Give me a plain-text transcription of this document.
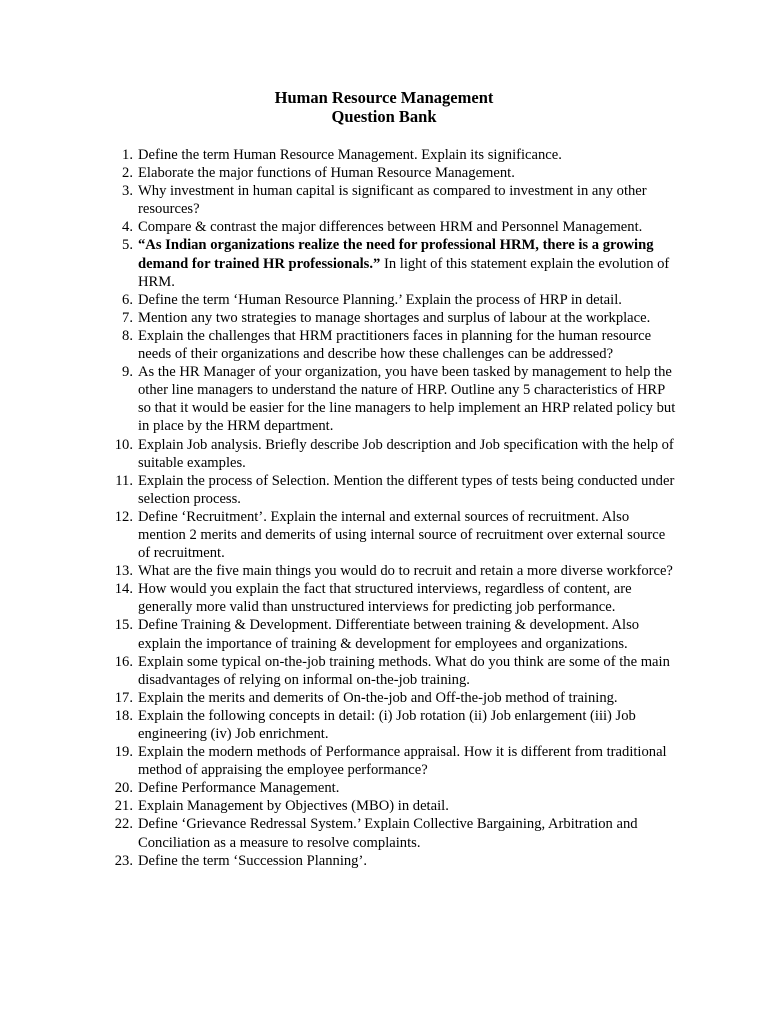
Human Resource Management
Question Bank
1. Define the term Human Resource Management. Explain its significance.
2. Elaborate the major functions of Human Resource Management.
3. Why investment in human capital is significant as compared to investment in any other resources?
4. Compare & contrast the major differences between HRM and Personnel Management.
5. “As Indian organizations realize the need for professional HRM, there is a growing demand for trained HR professionals.” In light of this statement explain the evolution of HRM.
6. Define the term ‘Human Resource Planning.’ Explain the process of HRP in detail.
7. Mention any two strategies to manage shortages and surplus of labour at the workplace.
8. Explain the challenges that HRM practitioners faces in planning for the human resource needs of their organizations and describe how these challenges can be addressed?
9. As the HR Manager of your organization, you have been tasked by management to help the other line managers to understand the nature of HRP. Outline any 5 characteristics of HRP so that it would be easier for the line managers to help implement an HRP related policy but in place by the HRM department.
10. Explain Job analysis. Briefly describe Job description and Job specification with the help of suitable examples.
11. Explain the process of Selection. Mention the different types of tests being conducted under selection process.
12. Define ‘Recruitment’. Explain the internal and external sources of recruitment. Also mention 2 merits and demerits of using internal source of recruitment over external source of recruitment.
13. What are the five main things you would do to recruit and retain a more diverse workforce?
14. How would you explain the fact that structured interviews, regardless of content, are generally more valid than unstructured interviews for predicting job performance.
15. Define Training & Development. Differentiate between training & development. Also explain the importance of training & development for employees and organizations.
16. Explain some typical on-the-job training methods. What do you think are some of the main disadvantages of relying on informal on-the-job training.
17. Explain the merits and demerits of On-the-job and Off-the-job method of training.
18. Explain the following concepts in detail: (i) Job rotation (ii) Job enlargement (iii) Job engineering (iv) Job enrichment.
19. Explain the modern methods of Performance appraisal. How it is different from traditional method of appraising the employee performance?
20. Define Performance Management.
21. Explain Management by Objectives (MBO) in detail.
22. Define ‘Grievance Redressal System.’ Explain Collective Bargaining, Arbitration and Conciliation as a measure to resolve complaints.
23. Define the term ‘Succession Planning’.
